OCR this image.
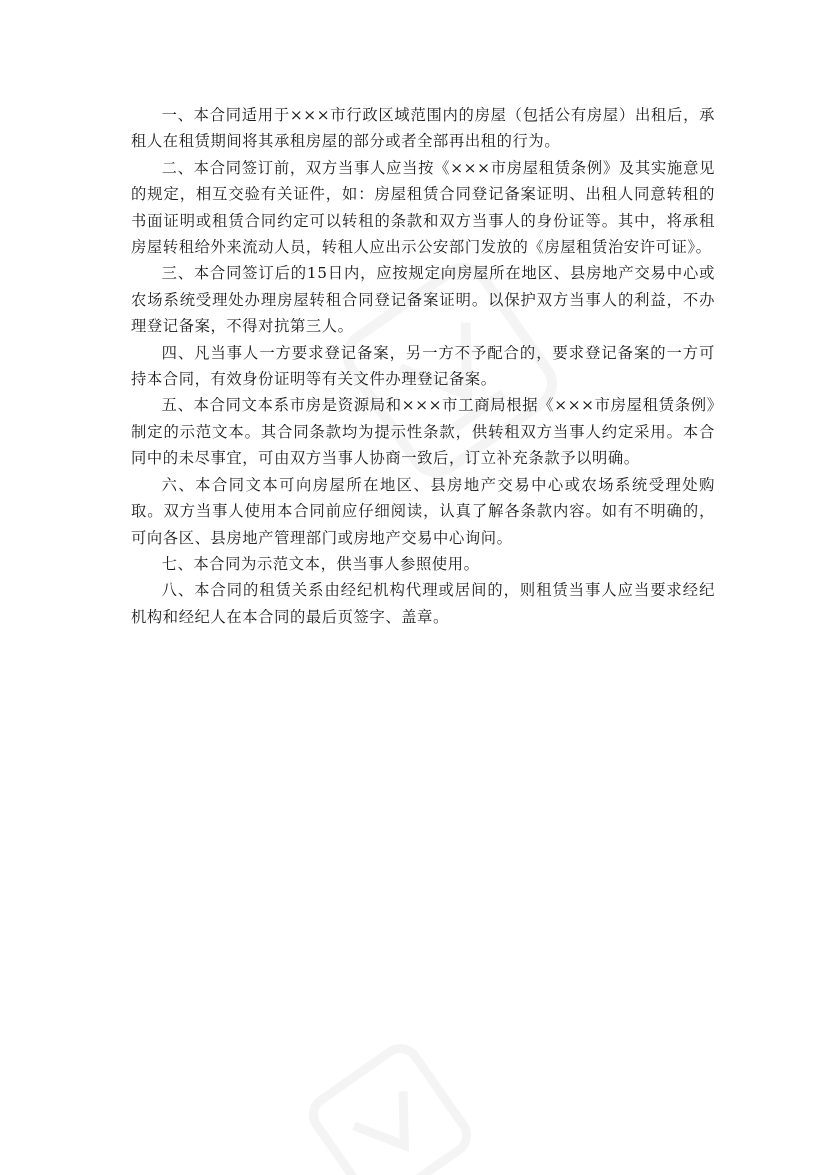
一、本合同适用于×××市行政区域范围内的房屋（包括公有房屋）出租后，承租人在租赁期间将其承租房屋的部分或者全部再出租的行为。

二、本合同签订前，双方当事人应当按《×××市房屋租赁条例》及其实施意见的规定，相互交验有关证件，如：房屋租赁合同登记备案证明、出租人同意转租的书面证明或租赁合同约定可以转租的条款和双方当事人的身份证等。其中，将承租房屋转租给外来流动人员，转租人应出示公安部门发放的《房屋租赁治安许可证》。

三、本合同签订后的15日内，应按规定向房屋所在地区、县房地产交易中心或农场系统受理处办理房屋转租合同登记备案证明。以保护双方当事人的利益，不办理登记备案，不得对抗第三人。

四、凡当事人一方要求登记备案，另一方不予配合的，要求登记备案的一方可持本合同，有效身份证明等有关文件办理登记备案。

五、本合同文本系市房是资源局和×××市工商局根据《×××市房屋租赁条例》制定的示范文本。其合同条款均为提示性条款，供转租双方当事人约定采用。本合同中的未尽事宜，可由双方当事人协商一致后，订立补充条款予以明确。

六、本合同文本可向房屋所在地区、县房地产交易中心或农场系统受理处购取。双方当事人使用本合同前应仔细阅读，认真了解各条款内容。如有不明确的，可向各区、县房地产管理部门或房地产交易中心询问。

七、本合同为示范文本，供当事人参照使用。

八、本合同的租赁关系由经纪机构代理或居间的，则租赁当事人应当要求经纪机构和经纪人在本合同的最后页签字、盖章。
